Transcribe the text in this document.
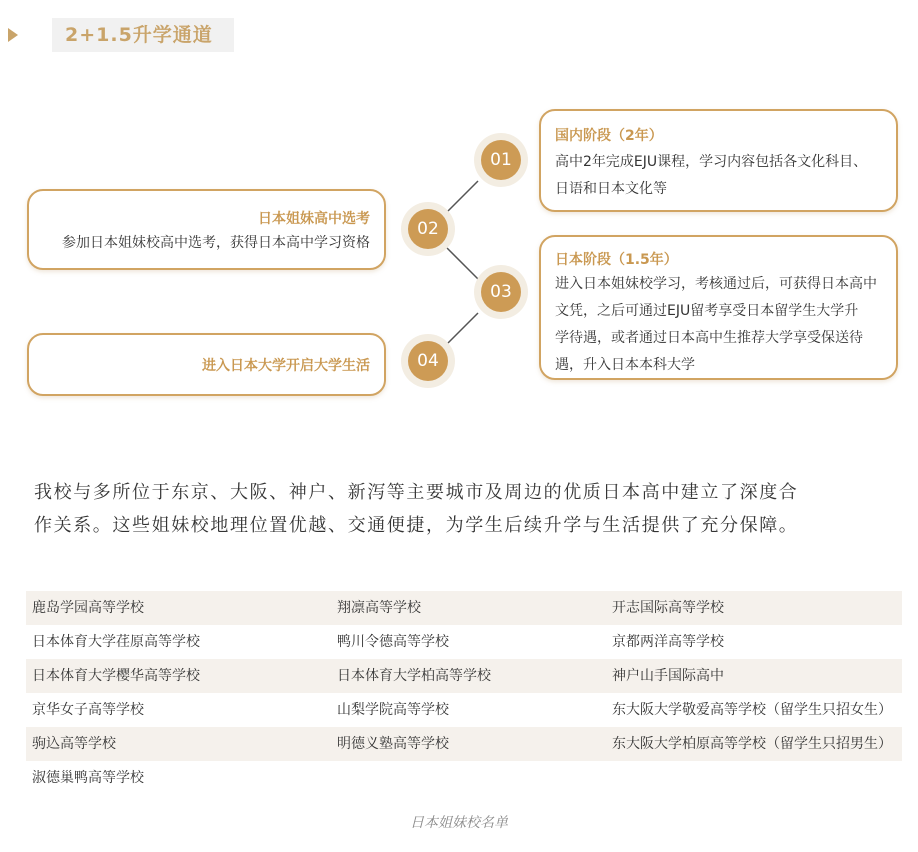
2+1.5升学通道
国内阶段（2年）
高中2年完成EJU课程，学习内容包括各文化科目、
日语和日本文化等
01
日本姐妹高中选考
参加日本姐妹校高中选考，获得日本高中学习资格
02
日本阶段（1.5年）
进入日本姐妹校学习，考核通过后，可获得日本高中
文凭，之后可通过EJU留考享受日本留学生大学升
学待遇，或者通过日本高中生推荐大学享受保送待
遇，升入日本本科大学
03
进入日本大学开启大学生活	04
我校与多所位于东京、大阪、神户、新泻等主要城市及周边的优质日本高中建立了深度合
作关系。这些姐妹校地理位置优越、交通便捷，为学生后续升学与生活提供了充分保障。
鹿岛学园高等学校	翔凛高等学校	开志国际高等学校
日本体育大学荏原高等学校	鸭川令德高等学校	京都两洋高等学校
日本体育大学樱华高等学校	日本体育大学柏高等学校	神户山手国际高中
京华女子高等学校	山梨学院高等学校	东大阪大学敬爱高等学校（留学生只招女生）
驹込高等学校	明德义塾高等学校	东大阪大学柏原高等学校（留学生只招男生）
淑德巢鸭高等学校
日本姐妹校名单
